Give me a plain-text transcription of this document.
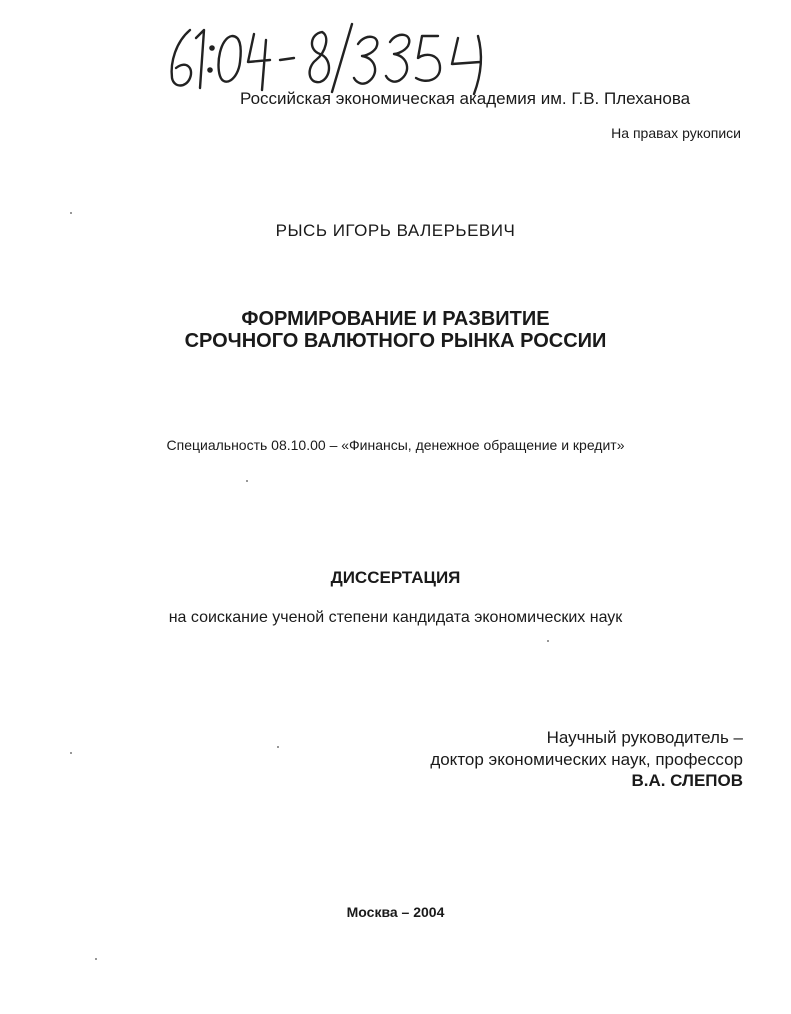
Российская экономическая академия им. Г.В. Плеханова
На правах рукописи
РЫСЬ ИГОРЬ ВАЛЕРЬЕВИЧ
ФОРМИРОВАНИЕ И РАЗВИТИЕ
СРОЧНОГО ВАЛЮТНОГО РЫНКА РОССИИ
Специальность 08.10.00 – «Финансы, денежное обращение и кредит»
ДИССЕРТАЦИЯ
на соискание ученой степени кандидата экономических наук
Научный руководитель –
доктор экономических наук, профессор
В.А. СЛЕПОВ
Москва – 2004
